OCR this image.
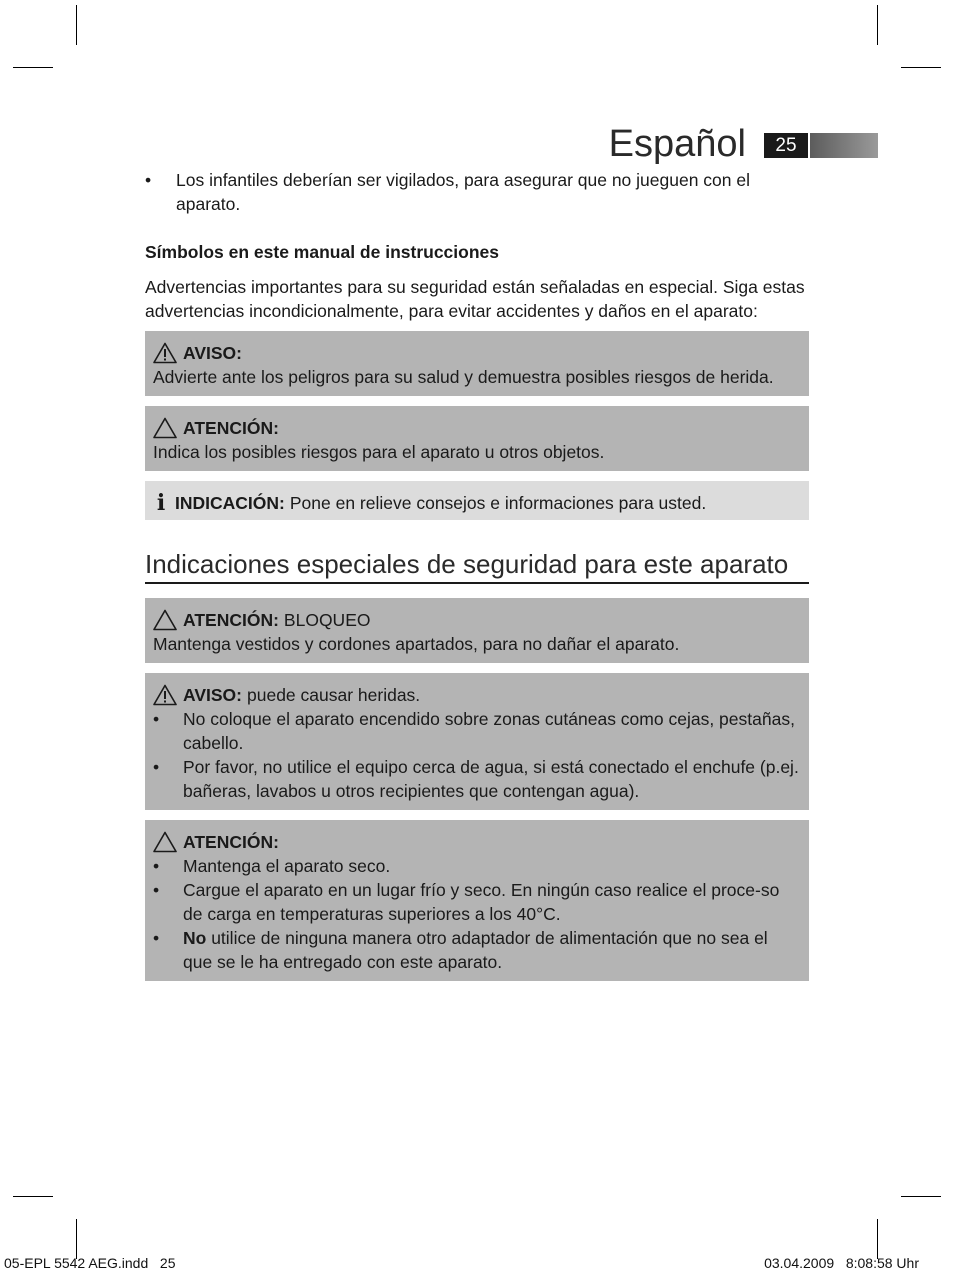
Español	25
• Los infantiles deberían ser vigilados, para asegurar que no jueguen con el aparato.
Símbolos en este manual de instrucciones
Advertencias importantes para su seguridad están señaladas en especial. Siga estas advertencias incondicionalmente, para evitar accidentes y daños en el aparato:
AVISO:
Advierte ante los peligros para su salud y demuestra posibles riesgos de herida.
ATENCIÓN:
Indica los posibles riesgos para el aparato u otros objetos.
i INDICACIÓN: Pone en relieve consejos e informaciones para usted.
Indicaciones especiales de seguridad para este aparato
ATENCIÓN: BLOQUEO
Mantenga vestidos y cordones apartados, para no dañar el aparato.
AVISO: puede causar heridas.
• No coloque el aparato encendido sobre zonas cutáneas como cejas, pestañas, cabello.
• Por favor, no utilice el equipo cerca de agua, si está conectado el enchufe (p.ej. bañeras, lavabos u otros recipientes que contengan agua).
ATENCIÓN:
• Mantenga el aparato seco.
• Cargue el aparato en un lugar frío y seco. En ningún caso realice el proce-so de carga en temperaturas superiores a los 40°C.
• No utilice de ninguna manera otro adaptador de alimentación que no sea el que se le ha entregado con este aparato.
05-EPL 5542 AEG.indd   25	03.04.2009   8:08:58 Uhr
